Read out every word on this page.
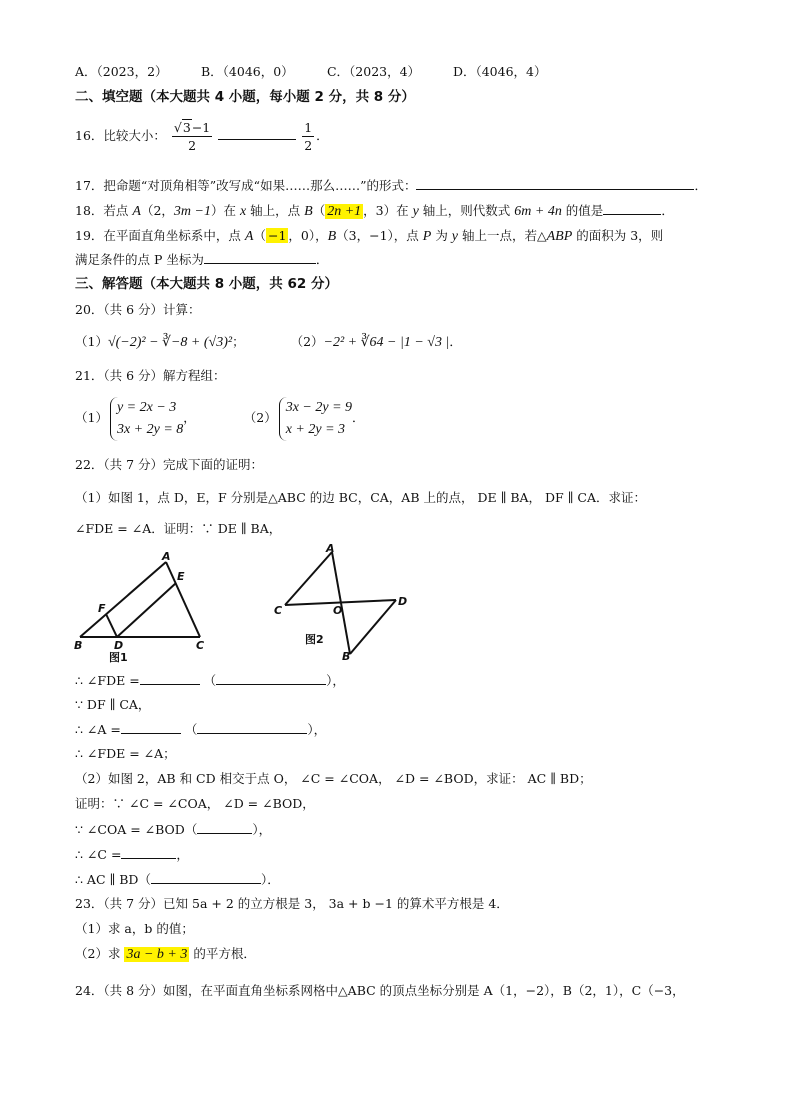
A．（2023，2）	B．（4046，0）	C．（2023，4）	D．（4046，4）
二、填空题（本大题共 4 小题，每小题 2 分，共 8 分）
16．比较大小： $\frac{√3-1}{2}$
	$\frac{1}{2}$ ．
17．把命题“对顶角相等”改写成“如果……那么……”的形式：	．
18．若点 A（2，3m −1）在 x 轴上，点 B（ 2n +1 ，3）在 y 轴上，则代数式 6m + 4n 的值是	．
19．在平面直角坐标系中，点 A（ −1 ，0），B（3，−1），点 P 为 y 轴上一点，若△ABP 的面积为 3，则
满足条件的点 P 坐标为	．
三、解答题（本大题共 8 小题，共 62 分）
20．（共 6 分）计算：
（1）√(−2)² − ∛−8 + (√3)²；	（2）−2² + ∛64 − |1 − √3 |．
21．（共 6 分）解方程组：
（1）
y = 2x − 3
3x + 2y = 8
，	（2）
3x − 2y = 9
x + 2y = 3
．
22．（共 7 分）完成下面的证明：
（1）如图 1，点 D，E，F 分别是△ABC 的边 BC，CA，AB 上的点， DE ∥ BA， DF ∥ CA．求证：
∠FDE = ∠A．证明：∵ DE ∥ BA，
A
E
F
B	D	C
图1
A
C	O
D
B
图2
∴ ∠FDE =	（	），
∵ DF ∥ CA，
∴ ∠A =	（	），
∴ ∠FDE = ∠A；
（2）如图 2，AB 和 CD 相交于点 O， ∠C = ∠COA， ∠D = ∠BOD，求证： AC ∥ BD；
证明：∵ ∠C = ∠COA， ∠D = ∠BOD，
∵ ∠COA = ∠BOD（	），
∴ ∠C =	，
∴ AC ∥ BD（	）．
23．（共 7 分）已知 5a + 2 的立方根是 3， 3a + b −1 的算术平方根是 4．
（1）求 a，b 的值；
（2）求 3a − b + 3 的平方根．
24．（共 8 分）如图，在平面直角坐标系网格中△ABC 的顶点坐标分别是 A（1，−2），B（2，1），C（−3，
